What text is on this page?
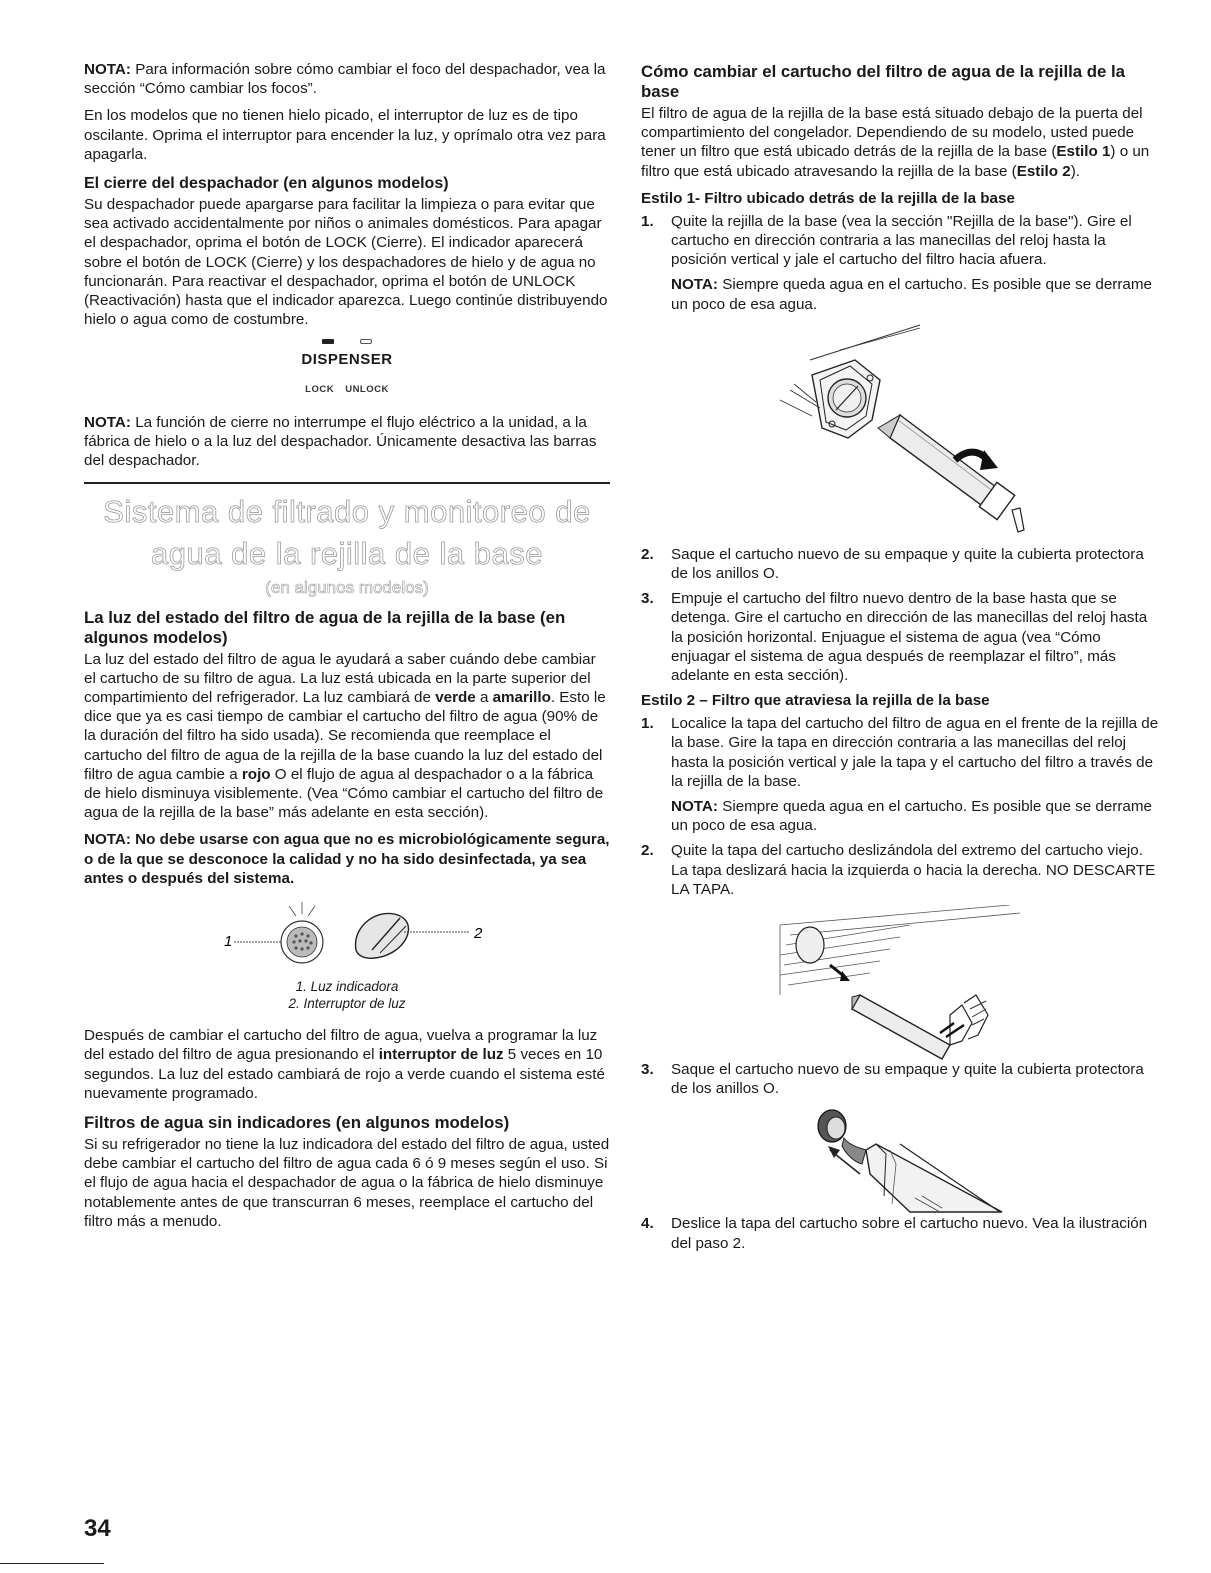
NOTA: Para información sobre cómo cambiar el foco del despachador, vea la sección “Cómo cambiar los focos”.

En los modelos que no tienen hielo picado, el interruptor de luz es de tipo oscilante. Oprima el interruptor para encender la luz, y oprímalo otra vez para apagarla.

El cierre del despachador (en algunos modelos)

Su despachador puede apargarse para facilitar la limpieza o para evitar que sea activado accidentalmente por niños o animales domésticos. Para apagar el despachador, oprima el botón de LOCK (Cierre). El indicador aparecerá sobre el botón de LOCK (Cierre) y los despachadores de hielo y de agua no funcionarán. Para reactivar el despachador, oprima el botón de UNLOCK (Reactivación) hasta que el indicador aparezca. Luego continúe distribuyendo hielo o agua como de costumbre.

DISPENSER
LOCK UNLOCK

NOTA: La función de cierre no interrumpe el flujo eléctrico a la unidad, a la fábrica de hielo o a la luz del despachador. Únicamente desactiva las barras del despachador.

Sistema de filtrado y monitoreo de
agua de la rejilla de la base
(en algunos modelos)
La luz del estado del filtro de agua de la rejilla de la base (en algunos modelos)

La luz del estado del filtro de agua le ayudará a saber cuándo debe cambiar el cartucho de su filtro de agua. La luz está ubicada en la parte superior del compartimiento del refrigerador. La luz cambiará de verde a amarillo. Esto le dice que ya es casi tiempo de cambiar el cartucho del filtro de agua (90% de la duración del filtro ha sido usada). Se recomienda que reemplace el cartucho del filtro de agua de la rejilla de la base cuando la luz del estado del filtro de agua cambie a rojo O el flujo de agua al despachador o a la fábrica de hielo disminuya visiblemente. (Vea “Cómo cambiar el cartucho del filtro de agua de la rejilla de la base” más adelante en esta sección).

NOTA: No debe usarse con agua que no es microbiológicamente segura, o de la que se desconoce la calidad y no ha sido desinfectada, ya sea antes o después del sistema.

1	2
1. Luz indicadora
2. Interruptor de luz

Después de cambiar el cartucho del filtro de agua, vuelva a programar la luz del estado del filtro de agua presionando el interruptor de luz 5 veces en 10 segundos. La luz del estado cambiará de rojo a verde cuando el sistema esté nuevamente programado.

Filtros de agua sin indicadores (en algunos modelos)

Si su refrigerador no tiene la luz indicadora del estado del filtro de agua, usted debe cambiar el cartucho del filtro de agua cada 6 ó 9 meses según el uso. Si el flujo de agua hacia el despachador de agua o la fábrica de hielo disminuye notablemente antes de que transcurran 6 meses, reemplace el cartucho del filtro más a menudo.

Cómo cambiar el cartucho del filtro de agua de la rejilla de la base

El filtro de agua de la rejilla de la base está situado debajo de la puerta del compartimiento del congelador. Dependiendo de su modelo, usted puede tener un filtro que está ubicado detrás de la rejilla de la base (Estilo 1) o un filtro que está ubicado atravesando la rejilla de la base (Estilo 2).

Estilo 1- Filtro ubicado detrás de la rejilla de la base
1. Quite la rejilla de la base (vea la sección "Rejilla de la base"). Gire el cartucho en dirección contraria a las manecillas del reloj hasta la posición vertical y jale el cartucho del filtro hacia afuera.
NOTA: Siempre queda agua en el cartucho. Es posible que se derrame un poco de esa agua.
2. Saque el cartucho nuevo de su empaque y quite la cubierta protectora de los anillos O.
3. Empuje el cartucho del filtro nuevo dentro de la base hasta que se detenga. Gire el cartucho en dirección de las manecillas del reloj hasta la posición horizontal. Enjuague el sistema de agua (vea “Cómo enjuagar el sistema de agua después de reemplazar el filtro”, más adelante en esta sección).
Estilo 2 – Filtro que atraviesa la rejilla de la base
1. Localice la tapa del cartucho del filtro de agua en el frente de la rejilla de la base. Gire la tapa en dirección contraria a las manecillas del reloj hasta la posición vertical y jale la tapa y el cartucho del filtro a través de la rejilla de la base.
NOTA: Siempre queda agua en el cartucho. Es posible que se derrame un poco de esa agua.
2. Quite la tapa del cartucho deslizándola del extremo del cartucho viejo. La tapa deslizará hacia la izquierda o hacia la derecha. NO DESCARTE LA TAPA.
3. Saque el cartucho nuevo de su empaque y quite la cubierta protectora de los anillos O.
4. Deslice la tapa del cartucho sobre el cartucho nuevo. Vea la ilustración del paso 2.
34
